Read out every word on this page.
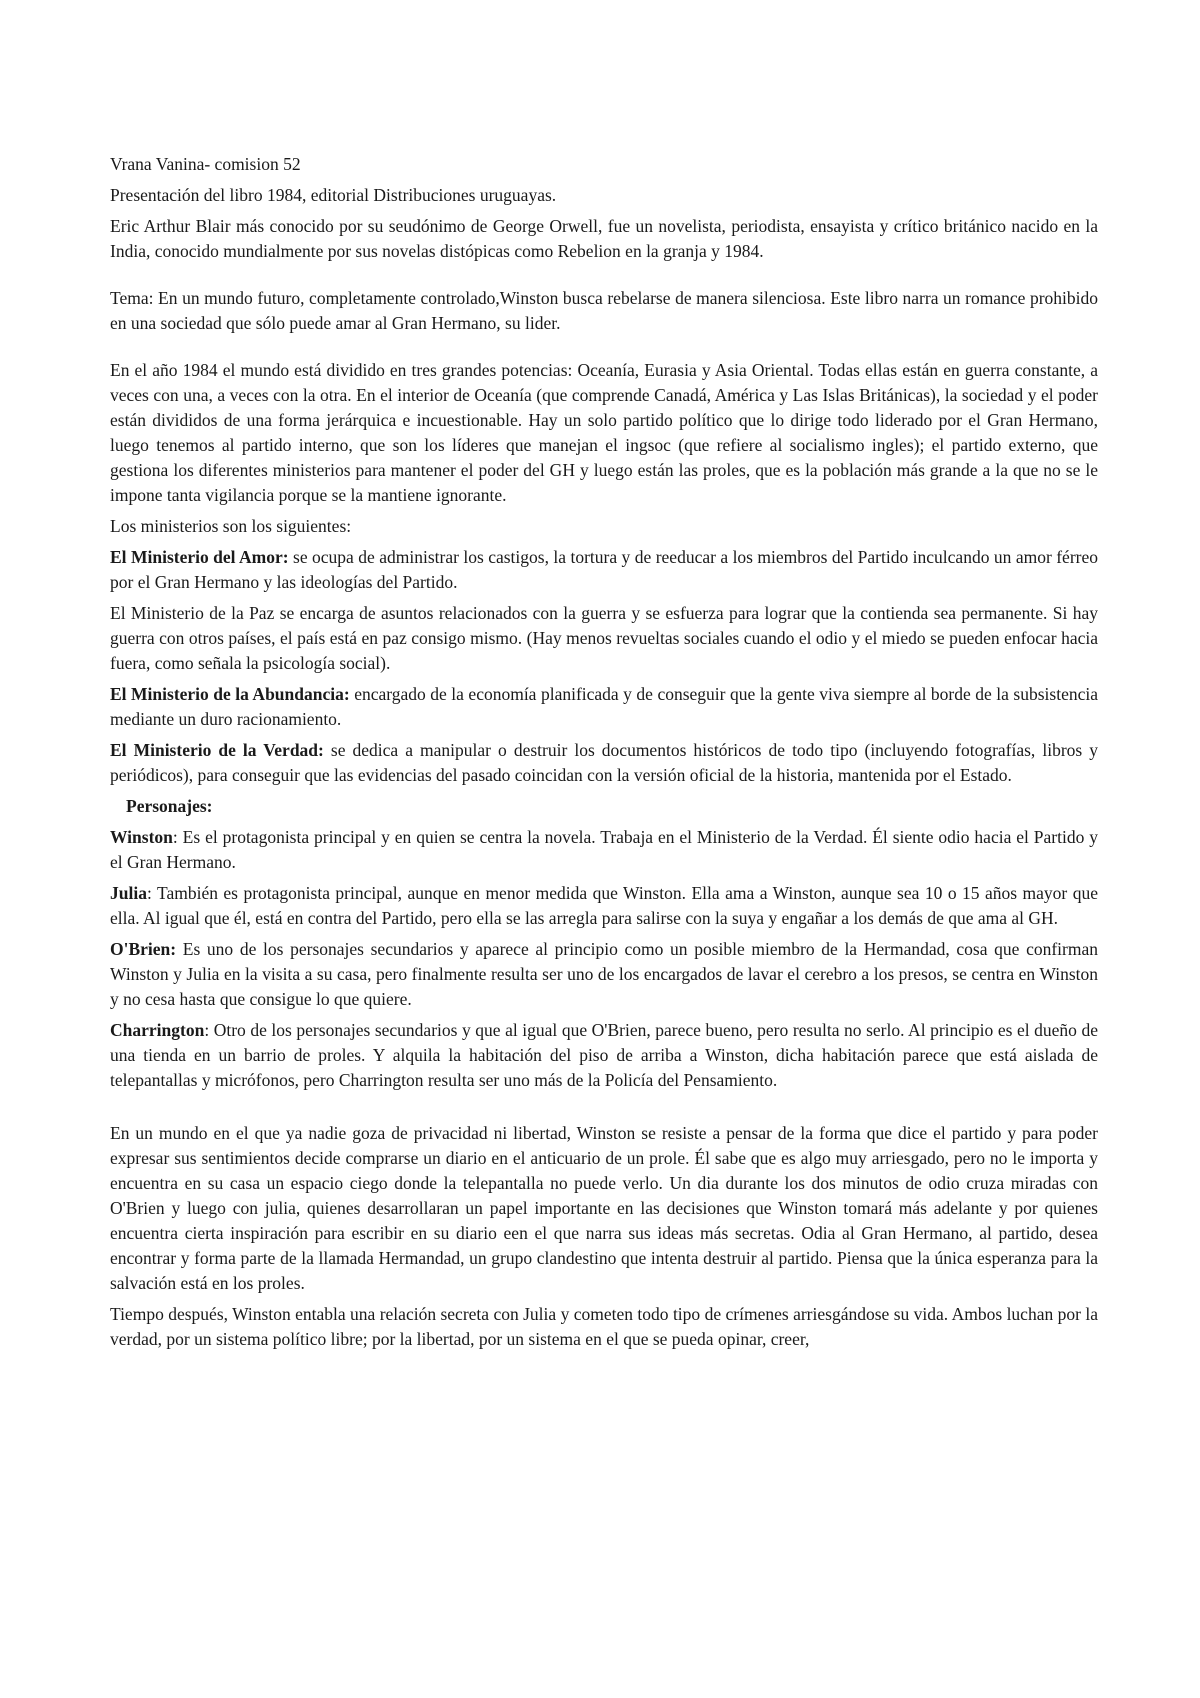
Vrana Vanina- comision 52

Presentación del libro 1984, editorial Distribuciones uruguayas.

Eric Arthur Blair más conocido por su seudónimo de George Orwell, fue un novelista, periodista, ensayista y crítico británico nacido en la India, conocido mundialmente por sus novelas distópicas como Rebelion en la granja y 1984.

Tema: En un mundo futuro, completamente controlado,Winston busca rebelarse de manera silenciosa. Este libro narra un romance prohibido en una sociedad que sólo puede amar al Gran Hermano, su lider.

En el año 1984 el mundo está dividido en tres grandes potencias: Oceanía, Eurasia y Asia Oriental. Todas ellas están en guerra constante, a veces con una, a veces con la otra. En el interior de Oceanía (que comprende Canadá, América y Las Islas Británicas), la sociedad y el poder están divididos de una forma jerárquica e incuestionable. Hay un solo partido político que lo dirige todo liderado por el Gran Hermano, luego tenemos al partido interno, que son los líderes que manejan el ingsoc (que refiere al socialismo ingles); el partido externo, que gestiona los diferentes ministerios para mantener el poder del GH y luego están las proles, que es la población más grande a la que no se le impone tanta vigilancia porque se la mantiene ignorante.

Los ministerios son los siguientes:

El Ministerio del Amor: se ocupa de administrar los castigos, la tortura y de reeducar a los miembros del Partido inculcando un amor férreo por el Gran Hermano y las ideologías del Partido.

El Ministerio de la Paz se encarga de asuntos relacionados con la guerra y se esfuerza para lograr que la contienda sea permanente. Si hay guerra con otros países, el país está en paz consigo mismo. (Hay menos revueltas sociales cuando el odio y el miedo se pueden enfocar hacia fuera, como señala la psicología social).

El Ministerio de la Abundancia: encargado de la economía planificada y de conseguir que la gente viva siempre al borde de la subsistencia mediante un duro racionamiento.

El Ministerio de la Verdad: se dedica a manipular o destruir los documentos históricos de todo tipo (incluyendo fotografías, libros y periódicos), para conseguir que las evidencias del pasado coincidan con la versión oficial de la historia, mantenida por el Estado.

Personajes:

Winston: Es el protagonista principal y en quien se centra la novela. Trabaja en el Ministerio de la Verdad. Él siente odio hacia el Partido y el Gran Hermano.

Julia: También es protagonista principal, aunque en menor medida que Winston. Ella ama a Winston, aunque sea 10 o 15 años mayor que ella. Al igual que él, está en contra del Partido, pero ella se las arregla para salirse con la suya y engañar a los demás de que ama al GH.

O'Brien: Es uno de los personajes secundarios y aparece al principio como un posible miembro de la Hermandad, cosa que confirman Winston y Julia en la visita a su casa, pero finalmente resulta ser uno de los encargados de lavar el cerebro a los presos, se centra en Winston y no cesa hasta que consigue lo que quiere.

Charrington: Otro de los personajes secundarios y que al igual que O'Brien, parece bueno, pero resulta no serlo. Al principio es el dueño de una tienda en un barrio de proles. Y alquila la habitación del piso de arriba a Winston, dicha habitación parece que está aislada de telepantallas y micrófonos, pero Charrington resulta ser uno más de la Policía del Pensamiento.

En un mundo en el que ya nadie goza de privacidad ni libertad, Winston se resiste a pensar de la forma que dice el partido y para poder expresar sus sentimientos decide comprarse un diario en el anticuario de un prole. Él sabe que es algo muy arriesgado, pero no le importa y encuentra en su casa un espacio ciego donde la telepantalla no puede verlo. Un dia durante los dos minutos de odio cruza miradas con O'Brien y luego con julia, quienes desarrollaran un papel importante en las decisiones que Winston tomará más adelante y por quienes encuentra cierta inspiración para escribir en su diario een el que narra sus ideas más secretas. Odia al Gran Hermano, al partido, desea encontrar y forma parte de la llamada Hermandad, un grupo clandestino que intenta destruir al partido. Piensa que la única esperanza para la salvación está en los proles.

Tiempo después, Winston entabla una relación secreta con Julia y cometen todo tipo de crímenes arriesgándose su vida. Ambos luchan por la verdad, por un sistema político libre; por la libertad, por un sistema en el que se pueda opinar, creer,
